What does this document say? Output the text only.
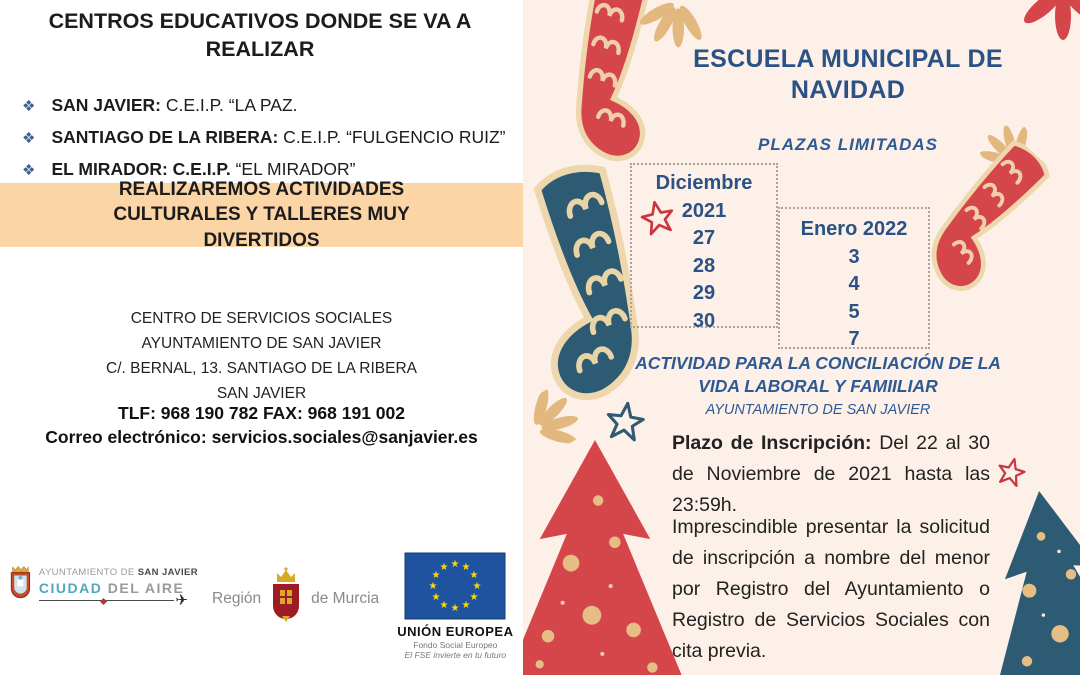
CENTROS EDUCATIVOS DONDE SE VA A REALIZAR
❖ SAN JAVIER: C.E.I.P. “LA PAZ.
❖ SANTIAGO DE LA RIBERA: C.E.I.P. “FULGENCIO RUIZ”
❖ EL MIRADOR: C.E.I.P. “EL MIRADOR”
REALIZAREMOS ACTIVIDADES CULTURALES Y TALLERES MUY DIVERTIDOS
CENTRO DE SERVICIOS SOCIALES
AYUNTAMIENTO DE SAN JAVIER
C/. BERNAL, 13. SANTIAGO DE LA RIBERA
SAN JAVIER
TLF: 968 190 782 FAX: 968 191 002
Correo electrónico: servicios.sociales@sanjavier.es
AYUNTAMIENTO DE SAN JAVIER
CIUDAD DEL AIRE
✈ Región	de Murcia
★ ★
★
★
★
★
★
★
★
★
★
★
UNIÓN EUROPEA
Fondo Social Europeo
El FSE invierte en tu futuro
ESCUELA MUNICIPAL DE NAVIDAD
PLAZAS LIMITADAS
Diciembre
2021
27
28
29
30
Enero 2022
3
4
5
7
ACTIVIDAD PARA LA CONCILIACIÓN DE LA
VIDA LABORAL Y FAMIILIAR
AYUNTAMIENTO DE SAN JAVIER
Plazo de Inscripción: Del 22 al 30 de Noviembre de 2021 hasta las 23:59h.
Imprescindible presentar la solicitud de inscripción a nombre del menor por Registro del Ayuntamiento o Registro de Servicios Sociales con cita previa.
